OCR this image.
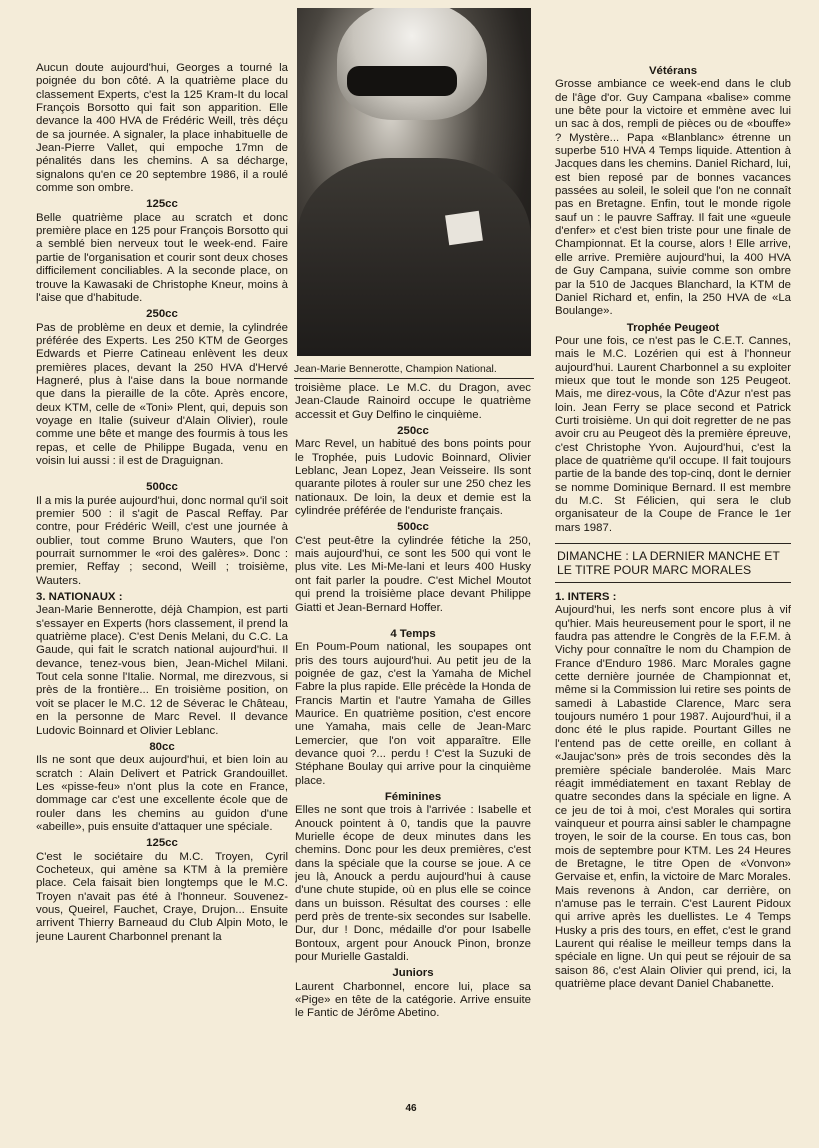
Aucun doute aujourd'hui, Georges a tourné la poignée du bon côté. A la quatrième place du classement Experts, c'est la 125 Kram-It du local François Borsotto qui fait son apparition. Elle devance la 400 HVA de Frédéric Weill, très déçu de sa journée. A signaler, la place inhabituelle de Jean-Pierre Vallet, qui empoche 17mn de pénalités dans les chemins. A sa décharge, signalons qu'en ce 20 septembre 1986, il a roulé comme son ombre.

125cc

Belle quatrième place au scratch et donc première place en 125 pour François Borsotto qui a semblé bien nerveux tout le week-end. Faire partie de l'organisation et courir sont deux choses difficilement conciliables. A la seconde place, on trouve la Kawasaki de Christophe Kneur, moins à l'aise que d'habitude.

250cc

Pas de problème en deux et demie, la cylindrée préférée des Experts. Les 250 KTM de Georges Edwards et Pierre Catineau enlèvent les deux premières places, devant la 250 HVA d'Hervé Hagneré, plus à l'aise dans la boue normande que dans la pieraille de la côte. Après encore, deux KTM, celle de «Toni» Plent, qui, depuis son voyage en Italie (suiveur d'Alain Olivier), roule comme une bête et mange des fourmis à tous les repas, et celle de Philippe Bugada, venu en voisin lui aussi : il est de Draguignan.

500cc

Il a mis la purée aujourd'hui, donc normal qu'il soit premier 500 : il s'agit de Pascal Reffay. Par contre, pour Frédéric Weill, c'est une journée à oublier, tout comme Bruno Wauters, que l'on pourrait surnommer le «roi des galères». Donc : premier, Reffay ; second, Weill ; troisième, Wauters.

3. NATIONAUX :

Jean-Marie Bennerotte, déjà Champion, est parti s'essayer en Experts (hors classement, il prend la quatrième place). C'est Denis Melani, du C.C. La Gaude, qui fait le scratch national aujourd'hui. Il devance, tenez-vous bien, Jean-Michel Milani. Tout cela sonne l'Italie. Normal, me direzvous, si près de la frontière... En troisième position, on voit se placer le M.C. 12 de Séverac le Château, en la personne de Marc Revel. Il devance Ludovic Boinnard et Olivier Leblanc.

80cc

Ils ne sont que deux aujourd'hui, et bien loin au scratch : Alain Delivert et Patrick Grandouillet. Les «pisse-feu» n'ont plus la cote en France, dommage car c'est une excellente école que de rouler dans les chemins au guidon d'une «abeille», puis ensuite d'attaquer une spéciale.

125cc

C'est le sociétaire du M.C. Troyen, Cyril Cocheteux, qui amène sa KTM à la première place. Cela faisait bien longtemps que le M.C. Troyen n'avait pas été à l'honneur. Souvenez-vous, Queirel, Fauchet, Craye, Drujon... Ensuite arrivent Thierry Barneaud du Club Alpin Moto, le jeune Laurent Charbonnel prenant la

Jean-Marie Bennerotte, Champion National.

troisième place. Le M.C. du Dragon, avec Jean-Claude Rainoird occupe le quatrième accessit et Guy Delfino le cinquième.

250cc

Marc Revel, un habitué des bons points pour le Trophée, puis Ludovic Boinnard, Olivier Leblanc, Jean Lopez, Jean Veisseire. Ils sont quarante pilotes à rouler sur une 250 chez les nationaux. De loin, la deux et demie est la cylindrée préférée de l'enduriste français.

500cc

C'est peut-être la cylindrée fétiche la 250, mais aujourd'hui, ce sont les 500 qui vont le plus vite. Les Mi-Me-lani et leurs 400 Husky ont fait parler la poudre. C'est Michel Moutot qui prend la troisième place devant Philippe Giatti et Jean-Bernard Hoffer.

4 Temps

En Poum-Poum national, les soupapes ont pris des tours aujourd'hui. Au petit jeu de la poignée de gaz, c'est la Yamaha de Michel Fabre la plus rapide. Elle précède la Honda de Francis Martin et l'autre Yamaha de Gilles Maurice. En quatrième position, c'est encore une Yamaha, mais celle de Jean-Marc Lemercier, que l'on voit apparaître. Elle devance quoi ?... perdu ! C'est la Suzuki de Stéphane Boulay qui arrive pour la cinquième place.

Féminines

Elles ne sont que trois à l'arrivée : Isabelle et Anouck pointent à 0, tandis que la pauvre Murielle écope de deux minutes dans les chemins. Donc pour les deux premières, c'est dans la spéciale que la course se joue. A ce jeu là, Anouck a perdu aujourd'hui à cause d'une chute stupide, où en plus elle se coince dans un buisson. Résultat des courses : elle perd près de trente-six secondes sur Isabelle. Dur, dur ! Donc, médaille d'or pour Isabelle Bontoux, argent pour Anouck Pinon, bronze pour Murielle Gastaldi.

Juniors

Laurent Charbonnel, encore lui, place sa «Pige» en tête de la catégorie. Arrive ensuite le Fantic de Jérôme Abetino.

Vétérans

Grosse ambiance ce week-end dans le club de l'âge d'or. Guy Campana «balise» comme une bête pour la victoire et emmène avec lui un sac à dos, rempli de pièces ou de «bouffe» ? Mystère... Papa «Blanblanc» étrenne un superbe 510 HVA 4 Temps liquide. Attention à Jacques dans les chemins. Daniel Richard, lui, est bien reposé par de bonnes vacances passées au soleil, le soleil que l'on ne connaît pas en Bretagne. Enfin, tout le monde rigole sauf un : le pauvre Saffray. Il fait une «gueule d'enfer» et c'est bien triste pour une finale de Championnat. Et la course, alors ! Elle arrive, elle arrive. Première aujourd'hui, la 400 HVA de Guy Campana, suivie comme son ombre par la 510 de Jacques Blanchard, la KTM de Daniel Richard et, enfin, la 250 HVA de «La Boulange».

Trophée Peugeot

Pour une fois, ce n'est pas le C.E.T. Cannes, mais le M.C. Lozérien qui est à l'honneur aujourd'hui. Laurent Charbonnel a su exploiter mieux que tout le monde son 125 Peugeot. Mais, me direz-vous, la Côte d'Azur n'est pas loin. Jean Ferry se place second et Patrick Curti troisième. Un qui doit regretter de ne pas avoir cru au Peugeot dès la première épreuve, c'est Christophe Yvon. Aujourd'hui, c'est la place de quatrième qu'il occupe. Il fait toujours partie de la bande des top-cinq, dont le dernier se nomme Dominique Bernard. Il est membre du M.C. St Félicien, qui sera le club organisateur de la Coupe de France le 1er mars 1987.

DIMANCHE : LA DERNIER MANCHE ET LE TITRE POUR MARC MORALES

1. INTERS :

Aujourd'hui, les nerfs sont encore plus à vif qu'hier. Mais heureusement pour le sport, il ne faudra pas attendre le Congrès de la F.F.M. à Vichy pour connaître le nom du Champion de France d'Enduro 1986. Marc Morales gagne cette dernière journée de Championnat et, même si la Commission lui retire ses points de samedi à Labastide Clarence, Marc sera toujours numéro 1 pour 1987. Aujourd'hui, il a donc été le plus rapide. Pourtant Gilles ne l'entend pas de cette oreille, en collant à «Jaujac'son» près de trois secondes dès la première spéciale banderolée. Mais Marc réagit immédiatement en taxant Reblay de quatre secondes dans la spéciale en ligne. A ce jeu de toi à moi, c'est Morales qui sortira vainqueur et pourra ainsi sabler le champagne troyen, le soir de la course. En tous cas, bon mois de septembre pour KTM. Les 24 Heures de Bretagne, le titre Open de «Vonvon» Gervaise et, enfin, la victoire de Marc Morales. Mais revenons à Andon, car derrière, on n'amuse pas le terrain. C'est Laurent Pidoux qui arrive après les duellistes. Le 4 Temps Husky a pris des tours, en effet, c'est le grand Laurent qui réalise le meilleur temps dans la spéciale en ligne. Un qui peut se réjouir de sa saison 86, c'est Alain Olivier qui prend, ici, la quatrième place devant Daniel Chabanette.

46
